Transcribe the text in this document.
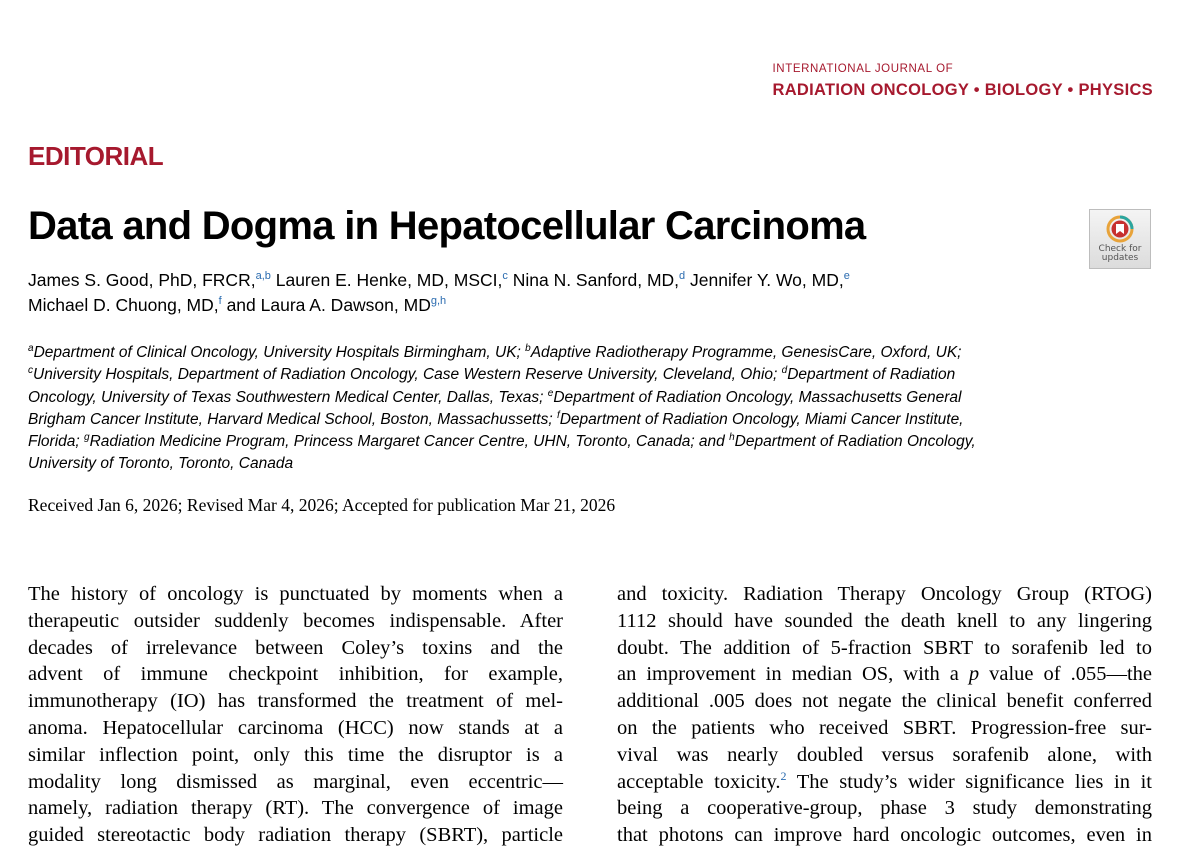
INTERNATIONAL JOURNAL OF
RADIATION ONCOLOGY • BIOLOGY • PHYSICS
EDITORIAL
Data and Dogma in Hepatocellular Carcinoma
Check for
updates
James S. Good, PhD, FRCR,$^{a,b}$ Lauren E. Henke, MD, MSCI,$^c$ Nina N. Sanford, MD,$^d$ Jennifer Y. Wo, MD,$^e$
Michael D. Chuong, MD,$^f$ and Laura A. Dawson, MD$^{g,h}$
$^a$Department of Clinical Oncology, University Hospitals Birmingham, UK; $^b$Adaptive Radiotherapy Programme, GenesisCare, Oxford, UK; $^c$University Hospitals, Department of Radiation Oncology, Case Western Reserve University, Cleveland, Ohio; $^d$Department of Radiation Oncology, University of Texas Southwestern Medical Center, Dallas, Texas; $^e$Department of Radiation Oncology, Massachusetts General Brigham Cancer Institute, Harvard Medical School, Boston, Massachussetts; $^f$Department of Radiation Oncology, Miami Cancer Institute, Florida; $^g$Radiation Medicine Program, Princess Margaret Cancer Centre, UHN, Toronto, Canada; and $^h$Department of Radiation Oncology, University of Toronto, Toronto, Canada
Received Jan 6, 2026; Revised Mar 4, 2026; Accepted for publication Mar 21, 2026
The history of oncology is punctuated by moments when a
therapeutic outsider suddenly becomes indispensable. After
decades of irrelevance between Coley’s toxins and the
advent of immune checkpoint inhibition, for example,
immunotherapy (IO) has transformed the treatment of mel-
anoma. Hepatocellular carcinoma (HCC) now stands at a
similar inflection point, only this time the disruptor is a
modality long dismissed as marginal, even eccentric—
namely, radiation therapy (RT). The convergence of image
guided stereotactic body radiation therapy (SBRT), particle
and toxicity. Radiation Therapy Oncology Group (RTOG)
1112 should have sounded the death knell to any lingering
doubt. The addition of 5-fraction SBRT to sorafenib led to
an improvement in median OS, with a p value of .055—the
additional .005 does not negate the clinical benefit conferred
on the patients who received SBRT. Progression-free sur-
vival was nearly doubled versus sorafenib alone, with
acceptable toxicity.$^2$ The study’s wider significance lies in it
being a cooperative-group, phase 3 study demonstrating
that photons can improve hard oncologic outcomes, even in
